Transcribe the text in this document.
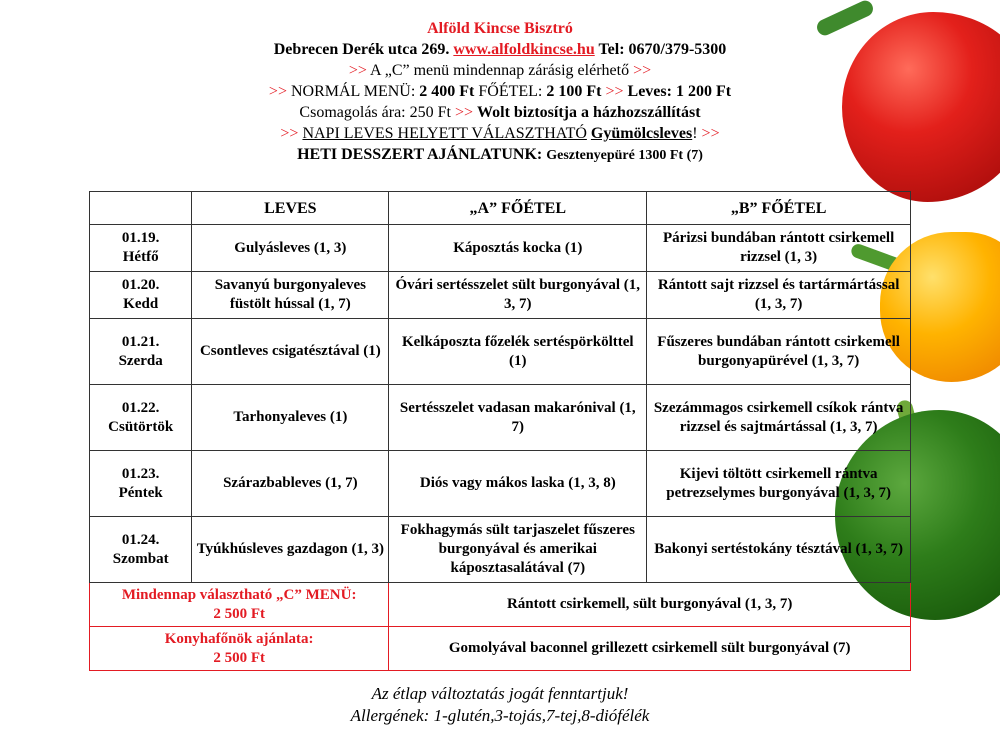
Alföld Kincse Bisztró
Debrecen Derék utca 269. www.alfoldkincse.hu Tel: 0670/379-5300
>> A „C” menü mindennap zárásig elérhető >>
>> NORMÁL MENÜ: 2 400 Ft FŐÉTEL: 2 100 Ft >> Leves: 1 200 Ft
Csomagolás ára: 250 Ft >> Wolt biztosítja a házhozszállítást
>> NAPI LEVES HELYETT VÁLASZTHATÓ Gyümölcsleves! >>
HETI DESSZERT AJÁNLATUNK: Gesztenyepüré 1300 Ft (7)
	LEVES	„A” FŐÉTEL	„B” FŐÉTEL
01.19.
Hétfő	Gulyásleves (1, 3)	Káposztás kocka (1)	Párizsi bundában rántott csirkemell rizzsel (1, 3)
01.20.
Kedd	Savanyú burgonyaleves füstölt hússal (1, 7)	Óvári sertésszelet sült burgonyával (1, 3, 7)	Rántott sajt rizzsel és tartármártással (1, 3, 7)
01.21.
Szerda	Csontleves csigatésztával (1)	Kelkáposzta főzelék sertéspörkölttel (1)	Fűszeres bundában rántott csirkemell burgonyapürével (1, 3, 7)
01.22.
Csütörtök	Tarhonyaleves (1)	Sertésszelet vadasan makarónival (1, 7)	Szezámmagos csirkemell csíkok rántva rizzsel és sajtmártással (1, 3, 7)
01.23.
Péntek	Szárazbableves (1, 7)	Diós vagy mákos laska (1, 3, 8)	Kijevi töltött csirkemell rántva petrezselymes burgonyával (1, 3, 7)
01.24.
Szombat	Tyúkhúsleves gazdagon (1, 3)	Fokhagymás sült tarjaszelet fűszeres burgonyával és amerikai káposztasalátával (7)	Bakonyi sertéstokány tésztával (1, 3, 7)
Mindennap választható „C” MENÜ:
2 500 Ft		Rántott csirkemell, sült burgonyával (1, 3, 7)	
Konyhafőnök ajánlata:
2 500 Ft		Gomolyával baconnel grillezett csirkemell sült burgonyával (7)	
Az étlap változtatás jogát fenntartjuk!
Allergének: 1-glutén,3-tojás,7-tej,8-diófélék
